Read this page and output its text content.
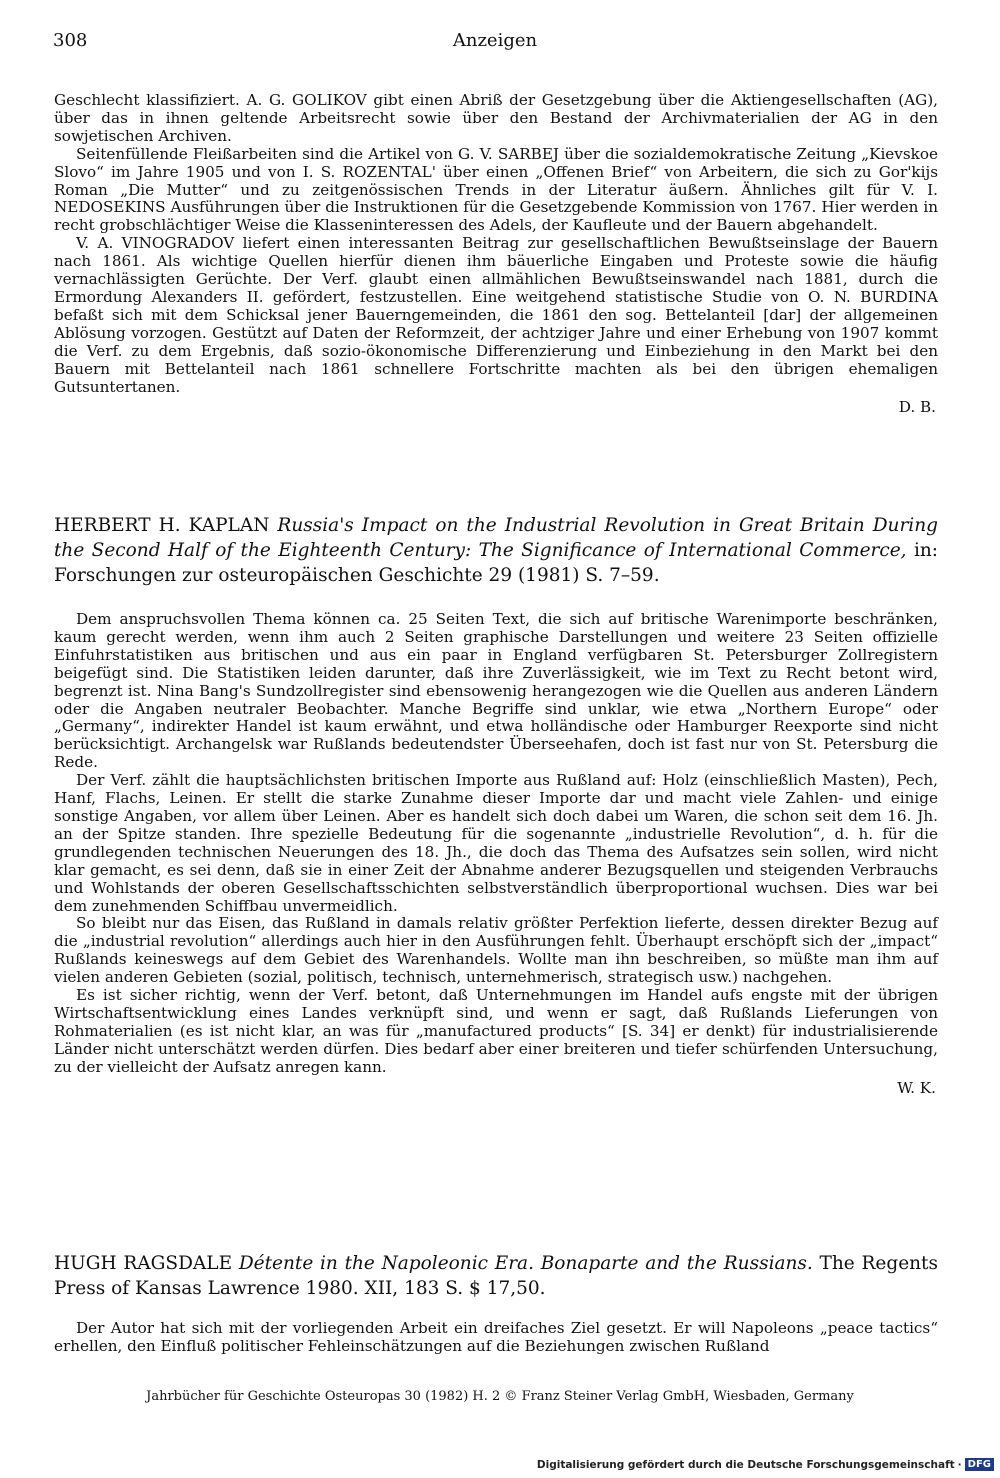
308	Anzeigen

Geschlecht klassifiziert. A. G. GOLIKOV gibt einen Abriß der Gesetzgebung über die Aktiengesellschaften (AG), über das in ihnen geltende Arbeitsrecht sowie über den Bestand der Archivmaterialien der AG in den sowjetischen Archiven.

Seitenfüllende Fleißarbeiten sind die Artikel von G. V. SARBEJ über die sozialdemokratische Zeitung „Kievskoe Slovo“ im Jahre 1905 und von I. S. ROZENTAL' über einen „Offenen Brief“ von Arbeitern, die sich zu Gor'kijs Roman „Die Mutter“ und zu zeitgenössischen Trends in der Literatur äußern. Ähnliches gilt für V. I. NEDOSEKINS Ausführungen über die Instruktionen für die Gesetzgebende Kommission von 1767. Hier werden in recht grobschlächtiger Weise die Klasseninteressen des Adels, der Kaufleute und der Bauern abgehandelt.

V. A. VINOGRADOV liefert einen interessanten Beitrag zur gesellschaftlichen Bewußtseinslage der Bauern nach 1861. Als wichtige Quellen hierfür dienen ihm bäuerliche Eingaben und Proteste sowie die häufig vernachlässigten Gerüchte. Der Verf. glaubt einen allmählichen Bewußtseinswandel nach 1881, durch die Ermordung Alexanders II. gefördert, festzustellen. Eine weitgehend statistische Studie von O. N. BURDINA befaßt sich mit dem Schicksal jener Bauerngemeinden, die 1861 den sog. Bettelanteil [dar] der allgemeinen Ablösung vorzogen. Gestützt auf Daten der Reformzeit, der achtziger Jahre und einer Erhebung von 1907 kommt die Verf. zu dem Ergebnis, daß sozio-ökonomische Differenzierung und Einbeziehung in den Markt bei den Bauern mit Bettelanteil nach 1861 schnellere Fortschritte machten als bei den übrigen ehemaligen Gutsuntertanen.

D. B.

HERBERT H. KAPLAN Russia's Impact on the Industrial Revolution in Great Britain During the Second Half of the Eighteenth Century: The Significance of International Commerce, in: Forschungen zur osteuropäischen Geschichte 29 (1981) S. 7–59.

Dem anspruchsvollen Thema können ca. 25 Seiten Text, die sich auf britische Warenimporte beschränken, kaum gerecht werden, wenn ihm auch 2 Seiten graphische Darstellungen und weitere 23 Seiten offizielle Einfuhrstatistiken aus britischen und aus ein paar in England verfügbaren St. Petersburger Zollregistern beigefügt sind. Die Statistiken leiden darunter, daß ihre Zuverlässigkeit, wie im Text zu Recht betont wird, begrenzt ist. Nina Bang's Sundzollregister sind ebensowenig herangezogen wie die Quellen aus anderen Ländern oder die Angaben neutraler Beobachter. Manche Begriffe sind unklar, wie etwa „Northern Europe“ oder „Germany“, indirekter Handel ist kaum erwähnt, und etwa holländische oder Hamburger Reexporte sind nicht berücksichtigt. Archangelsk war Rußlands bedeutendster Überseehafen, doch ist fast nur von St. Petersburg die Rede.

Der Verf. zählt die hauptsächlichsten britischen Importe aus Rußland auf: Holz (einschließlich Masten), Pech, Hanf, Flachs, Leinen. Er stellt die starke Zunahme dieser Importe dar und macht viele Zahlen- und einige sonstige Angaben, vor allem über Leinen. Aber es handelt sich doch dabei um Waren, die schon seit dem 16. Jh. an der Spitze standen. Ihre spezielle Bedeutung für die sogenannte „industrielle Revolution“, d. h. für die grundlegenden technischen Neuerungen des 18. Jh., die doch das Thema des Aufsatzes sein sollen, wird nicht klar gemacht, es sei denn, daß sie in einer Zeit der Abnahme anderer Bezugsquellen und steigenden Verbrauchs und Wohlstands der oberen Gesellschaftsschichten selbstverständlich überproportional wuchsen. Dies war bei dem zunehmenden Schiffbau unvermeidlich.

So bleibt nur das Eisen, das Rußland in damals relativ größter Perfektion lieferte, dessen direkter Bezug auf die „industrial revolution“ allerdings auch hier in den Ausführungen fehlt. Überhaupt erschöpft sich der „impact“ Rußlands keineswegs auf dem Gebiet des Warenhandels. Wollte man ihn beschreiben, so müßte man ihm auf vielen anderen Gebieten (sozial, politisch, technisch, unternehmerisch, strategisch usw.) nachgehen.

Es ist sicher richtig, wenn der Verf. betont, daß Unternehmungen im Handel aufs engste mit der übrigen Wirtschaftsentwicklung eines Landes verknüpft sind, und wenn er sagt, daß Rußlands Lieferungen von Rohmaterialien (es ist nicht klar, an was für „manufactured products“ [S. 34] er denkt) für industrialisierende Länder nicht unterschätzt werden dürfen. Dies bedarf aber einer breiteren und tiefer schürfenden Untersuchung, zu der vielleicht der Aufsatz anregen kann.

W. K.

HUGH RAGSDALE Détente in the Napoleonic Era. Bonaparte and the Russians. The Regents Press of Kansas Lawrence 1980. XII, 183 S. $ 17,50.

Der Autor hat sich mit der vorliegenden Arbeit ein dreifaches Ziel gesetzt. Er will Napoleons „peace tactics“ erhellen, den Einfluß politischer Fehleinschätzungen auf die Beziehungen zwischen Rußland

Jahrbücher für Geschichte Osteuropas 30 (1982) H. 2 © Franz Steiner Verlag GmbH, Wiesbaden, Germany
Digitalisierung gefördert durch die Deutsche Forschungsgemeinschaft · DFG
